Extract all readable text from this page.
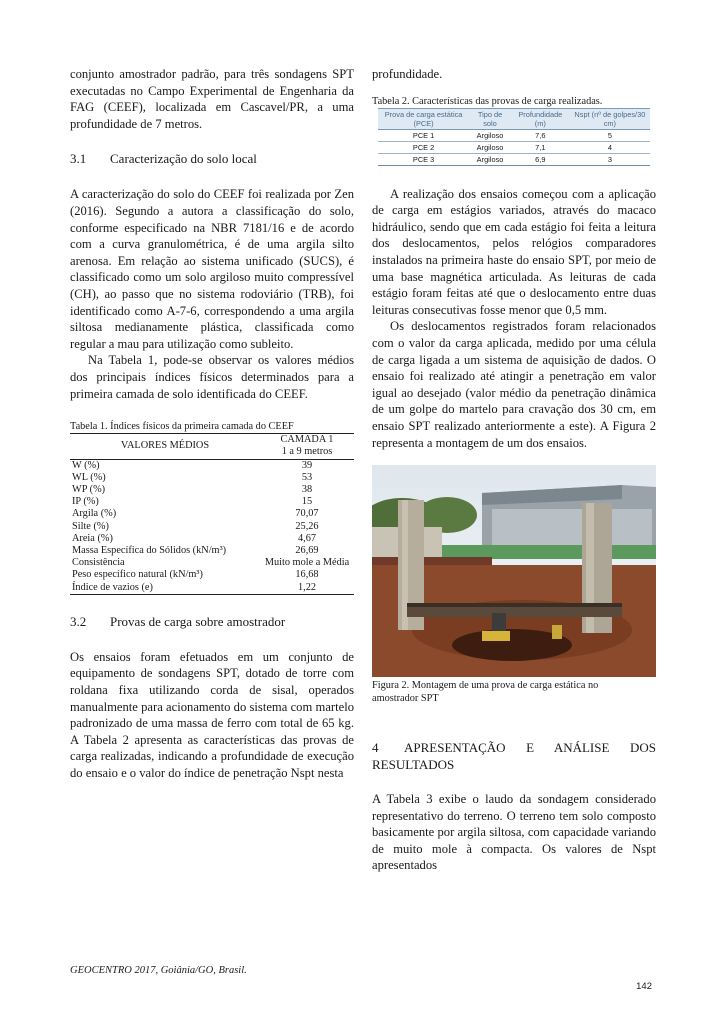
conjunto amostrador padrão, para três sondagens SPT executadas no Campo Experimental de Engenharia da FAG (CEEF), localizada em Cascavel/PR, a uma profundidade de 7 metros.

3.1 Caracterização do solo local

A caracterização do solo do CEEF foi realizada por Zen (2016). Segundo a autora a classificação do solo, conforme especificado na NBR 7181/16 e de acordo com a curva granulométrica, é de uma argila silto arenosa. Em relação ao sistema unificado (SUCS), é classificado como um solo argiloso muito compressível (CH), ao passo que no sistema rodoviário (TRB), foi identificado como A-7-6, correspondendo a uma argila siltosa medianamente plástica, classificada como regular a mau para utilização como subleito.

Na Tabela 1, pode-se observar os valores médios dos principais índices físicos determinados para a primeira camada de solo identificada do CEEF.

Tabela 1. Índices físicos da primeira camada do CEEF
VALORES MÉDIOS	CAMADA 1
1 a 9 metros
W (%)	39
WL (%)	53
WP (%)	38
IP (%)	15
Argila (%)	70,07
Silte (%)	25,26
Areia (%)	4,67
Massa Específica do Sólidos (kN/m³)	26,69
Consistência	Muito mole a Média
Peso específico natural (kN/m³)	16,68
Índice de vazios (e)	1,22
3.2 Provas de carga sobre amostrador

Os ensaios foram efetuados em um conjunto de equipamento de sondagens SPT, dotado de torre com roldana fixa utilizando corda de sisal, operados manualmente para acionamento do sistema com martelo padronizado de uma massa de ferro com total de 65 kg. A Tabela 2 apresenta as características das provas de carga realizadas, indicando a profundidade de execução do ensaio e o valor do índice de penetração Nspt nesta

profundidade.

Tabela 2. Características das provas de carga realizadas.
Prova de carga estática (PCE)	Tipo de solo	Profundidade (m)	Nspt (nº de golpes/30 cm)
PCE 1	Argiloso	7,6	5
PCE 2	Argiloso	7,1	4
PCE 3	Argiloso	6,9	3

A realização dos ensaios começou com a aplicação de carga em estágios variados, através do macaco hidráulico, sendo que em cada estágio foi feita a leitura dos deslocamentos, pelos relógios comparadores instalados na primeira haste do ensaio SPT, por meio de uma base magnética articulada. As leituras de cada estágio foram feitas até que o deslocamento entre duas leituras consecutivas fosse menor que 0,5 mm.

Os deslocamentos registrados foram relacionados com o valor da carga aplicada, medido por uma célula de carga ligada a um sistema de aquisição de dados. O ensaio foi realizado até atingir a penetração em valor igual ao desejado (valor médio da penetração dinâmica de um golpe do martelo para cravação dos 30 cm, em ensaio SPT realizado anteriormente a este). A Figura 2 representa a montagem de um dos ensaios.

Figura 2. Montagem de uma prova de carga estática no amostrador SPT
4 APRESENTAÇÃO E ANÁLISE DOS RESULTADOS

A Tabela 3 exibe o laudo da sondagem considerado representativo do terreno. O terreno tem solo composto basicamente por argila siltosa, com capacidade variando de muito mole à compacta. Os valores de Nspt apresentados

GEOCENTRO 2017, Goiânia/GO, Brasil.
142
